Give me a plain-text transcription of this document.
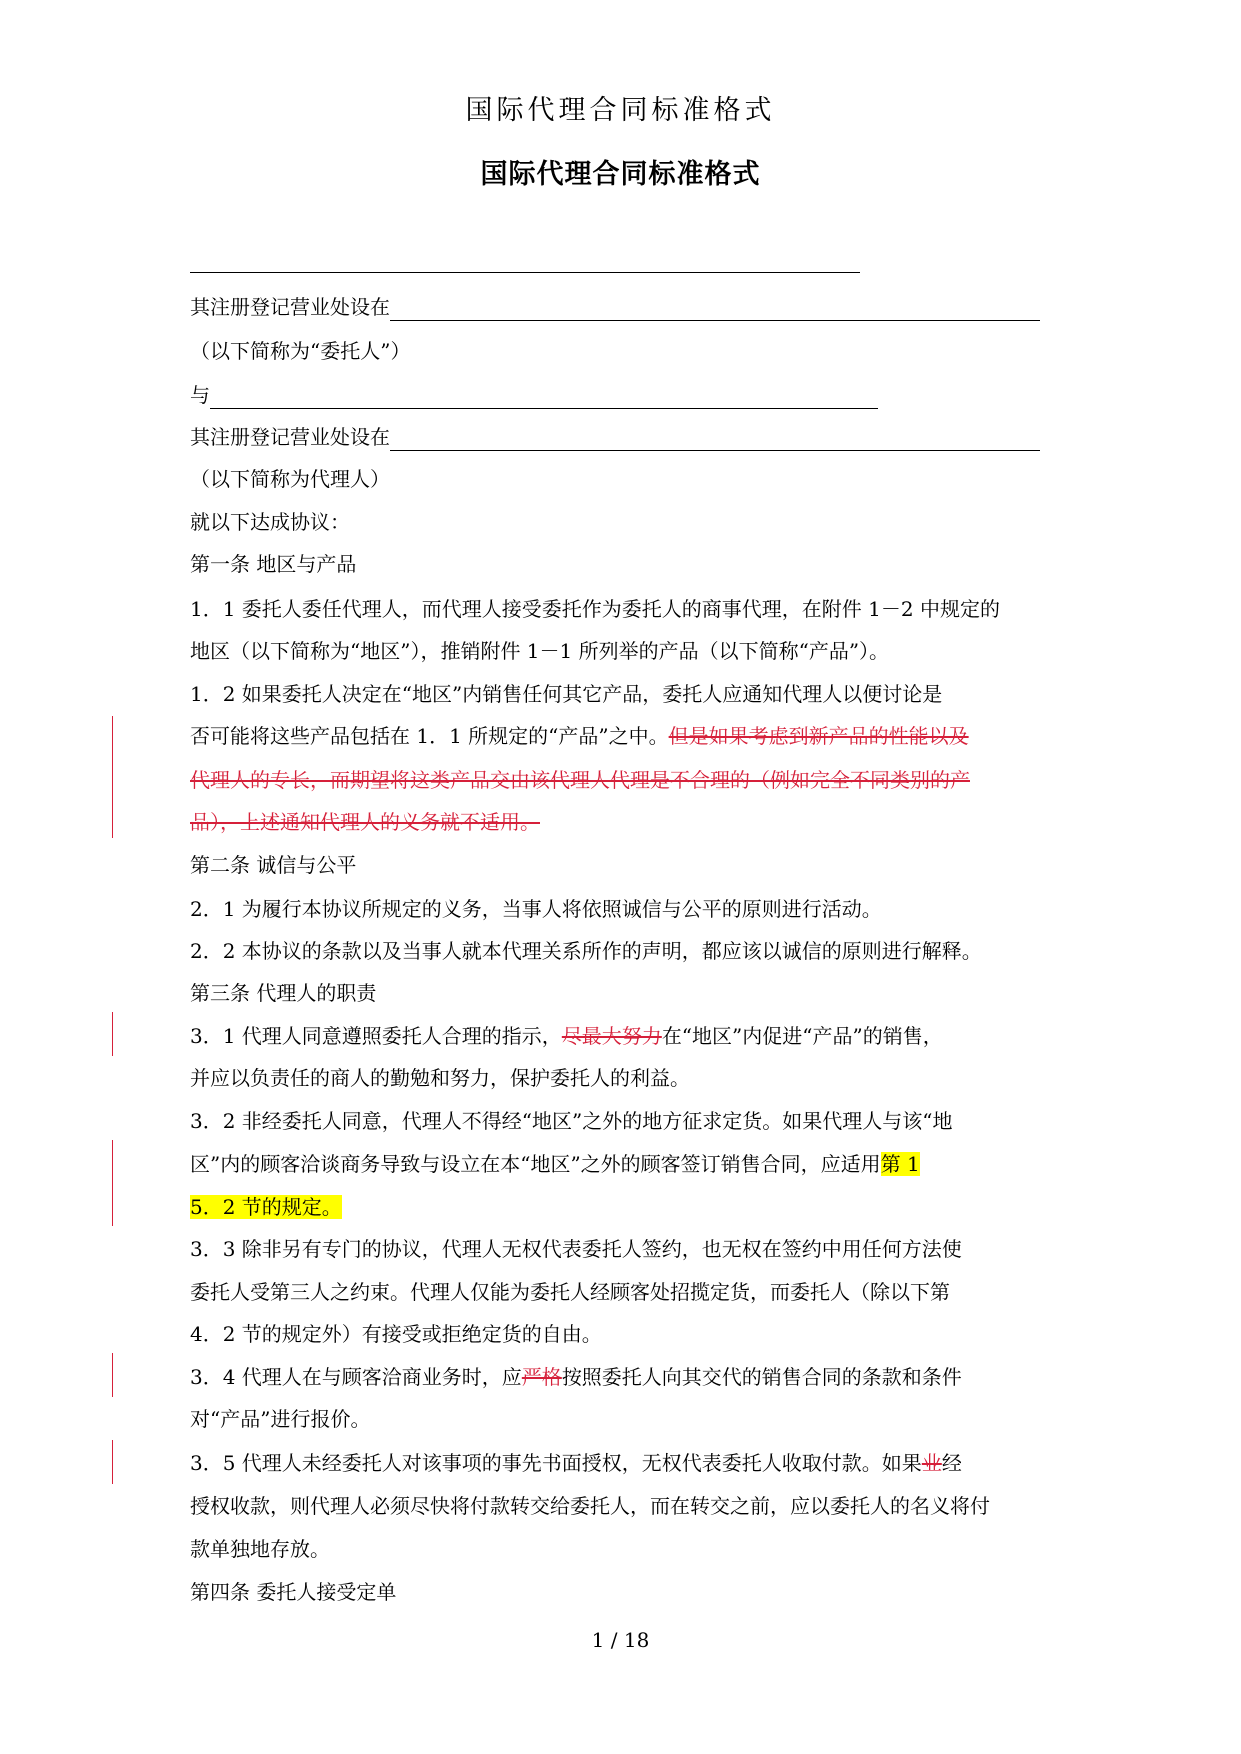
国际代理合同标准格式
国际代理合同标准格式
其注册登记营业处设在
（以下简称为“委托人”）
与
其注册登记营业处设在
（以下简称为代理人）
就以下达成协议：
第一条 地区与产品
1．1 委托人委任代理人，而代理人接受委托作为委托人的商事代理，在附件 1－2 中规定的
地区（以下简称为“地区”），推销附件 1－1 所列举的产品（以下简称“产品”）。
1．2 如果委托人决定在“地区”内销售任何其它产品，委托人应通知代理人以便讨论是
否可能将这些产品包括在 1．1 所规定的“产品”之中。但是如果考虑到新产品的性能以及
代理人的专长，而期望将这类产品交由该代理人代理是不合理的（例如完全不同类别的产
品），上述通知代理人的义务就不适用。
第二条 诚信与公平
2．1 为履行本协议所规定的义务，当事人将依照诚信与公平的原则进行活动。
2．2 本协议的条款以及当事人就本代理关系所作的声明，都应该以诚信的原则进行解释。
第三条 代理人的职责
3．1 代理人同意遵照委托人合理的指示，尽最大努力在“地区”内促进“产品”的销售，
并应以负责任的商人的勤勉和努力，保护委托人的利益。
3．2 非经委托人同意，代理人不得经“地区”之外的地方征求定货。如果代理人与该“地
区”内的顾客洽谈商务导致与设立在本“地区”之外的顾客签订销售合同，应适用第 1
5．2 节的规定。
3．3 除非另有专门的协议，代理人无权代表委托人签约，也无权在签约中用任何方法使
委托人受第三人之约束。代理人仅能为委托人经顾客处招揽定货，而委托人（除以下第
4．2 节的规定外）有接受或拒绝定货的自由。
3．4 代理人在与顾客洽商业务时，应严格按照委托人向其交代的销售合同的条款和条件
对“产品”进行报价。
3．5 代理人未经委托人对该事项的事先书面授权，无权代表委托人收取付款。如果业经
授权收款，则代理人必须尽快将付款转交给委托人，而在转交之前，应以委托人的名义将付
款单独地存放。
第四条 委托人接受定单
1 / 18
